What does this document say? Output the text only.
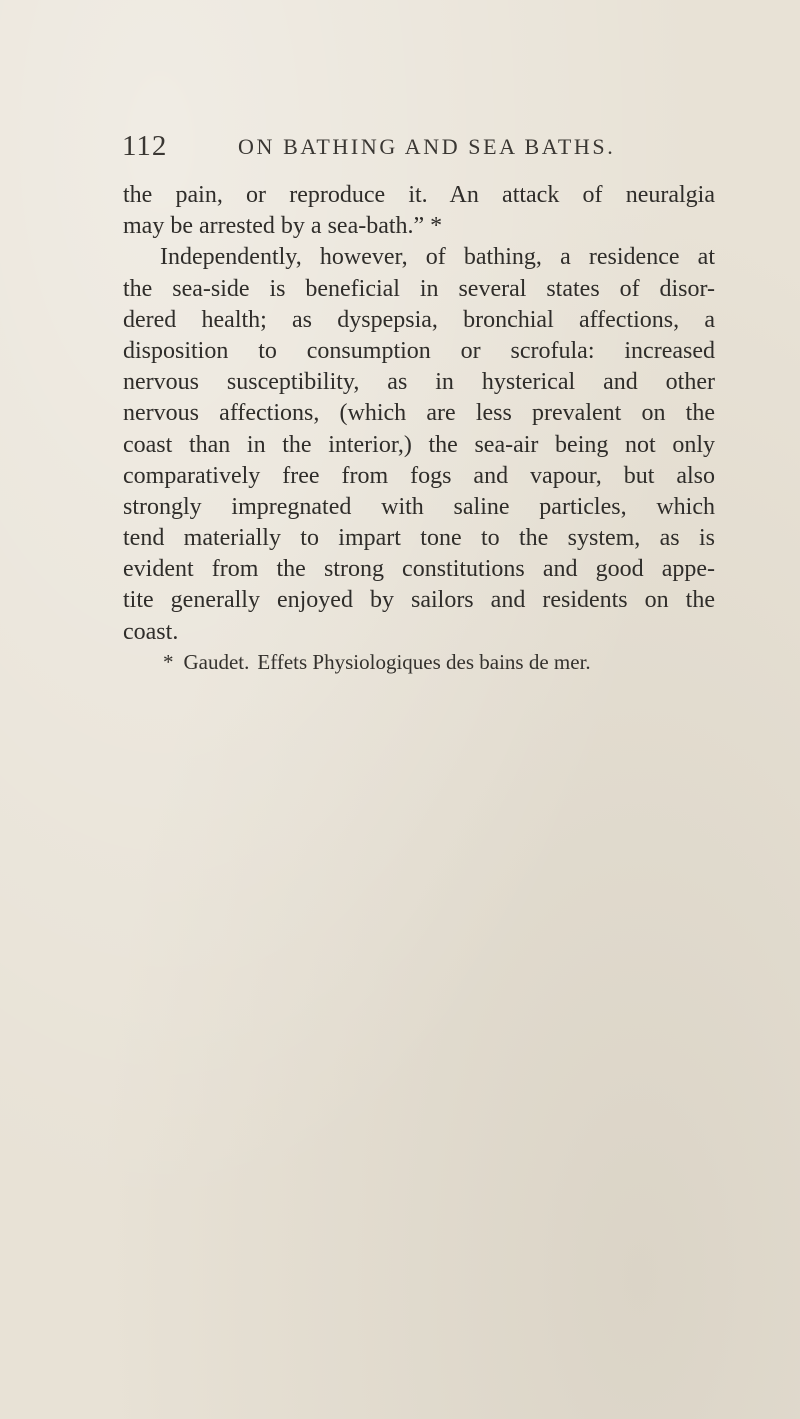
112	ON BATHING AND SEA BATHS.
the pain, or reproduce it. An attack of neuralgia
may be arrested by a sea-bath.” *
Independently, however, of bathing, a residence at
the sea-side is beneficial in several states of disor-
dered health; as dyspepsia, bronchial affections, a
disposition to consumption or scrofula: increased
nervous susceptibility, as in hysterical and other
nervous affections, (which are less prevalent on the
coast than in the interior,) the sea-air being not only
comparatively free from fogs and vapour, but also
strongly impregnated with saline particles, which
tend materially to impart tone to the system, as is
evident from the strong constitutions and good appe-
tite generally enjoyed by sailors and residents on the
coast.
* Gaudet. Effets Physiologiques des bains de mer.
